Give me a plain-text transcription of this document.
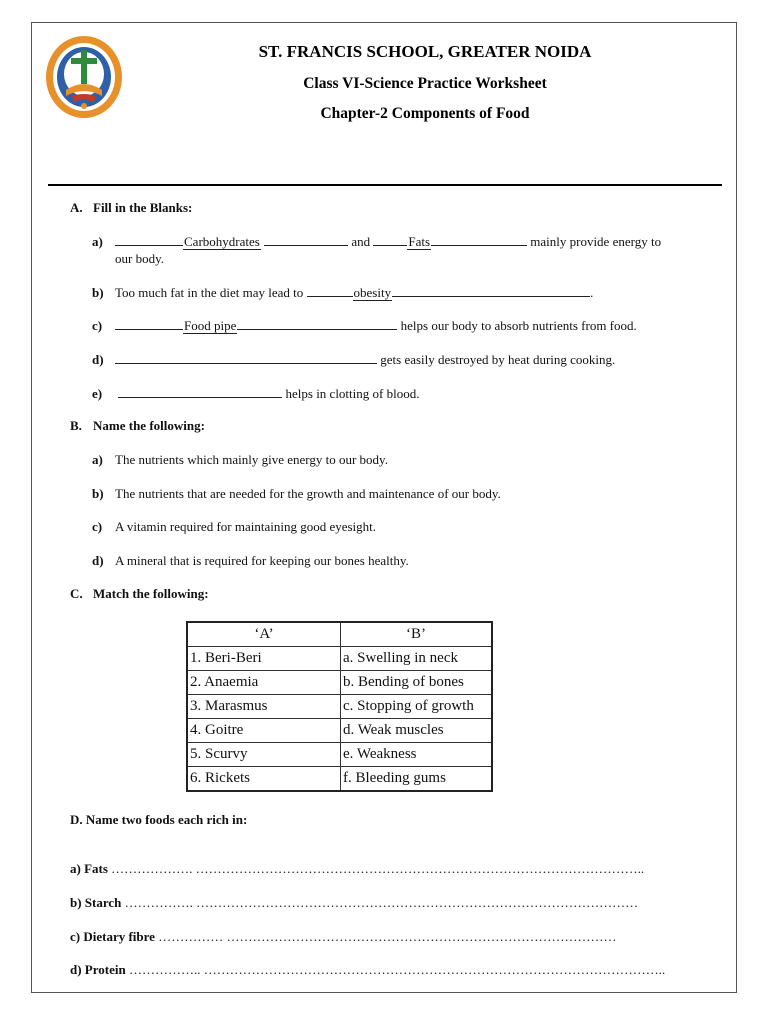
ST. FRANCIS SCHOOL, GREATER NOIDA
Class VI-Science Practice Worksheet
Chapter-2 Components of Food
A. Fill in the Blanks:
a)	Carbohydrates	and	Fats	mainly provide energy to
our body.
b) Too much fat in the diet may lead to	obesity	.
c)	Food pipe	helps our body to absorb nutrients from food.
d)	gets easily destroyed by heat during cooking.
e)	helps in clotting of blood.
B. Name the following:
a) The nutrients which mainly give energy to our body.
b) The nutrients that are needed for the growth and maintenance of our body.
c) A vitamin required for maintaining good eyesight.
d) A mineral that is required for keeping our bones healthy.
C. Match the following:
‘A’	‘B’
1. Beri-Beri	a. Swelling in neck
2. Anaemia	b. Bending of bones
3. Marasmus	c. Stopping of growth
4. Goitre	d. Weak muscles
5. Scurvy	e. Weakness
6. Rickets	f. Bleeding gums
D. Name two foods each rich in:
a) Fats ………………. …………………………………………………………………………………………..
b) Starch ……………. …………………………………………………………………………………………
c) Dietary fibre …………… ………………………………………………………………………………
d) Protein …………….. ……………………………………………………………………………………………..
